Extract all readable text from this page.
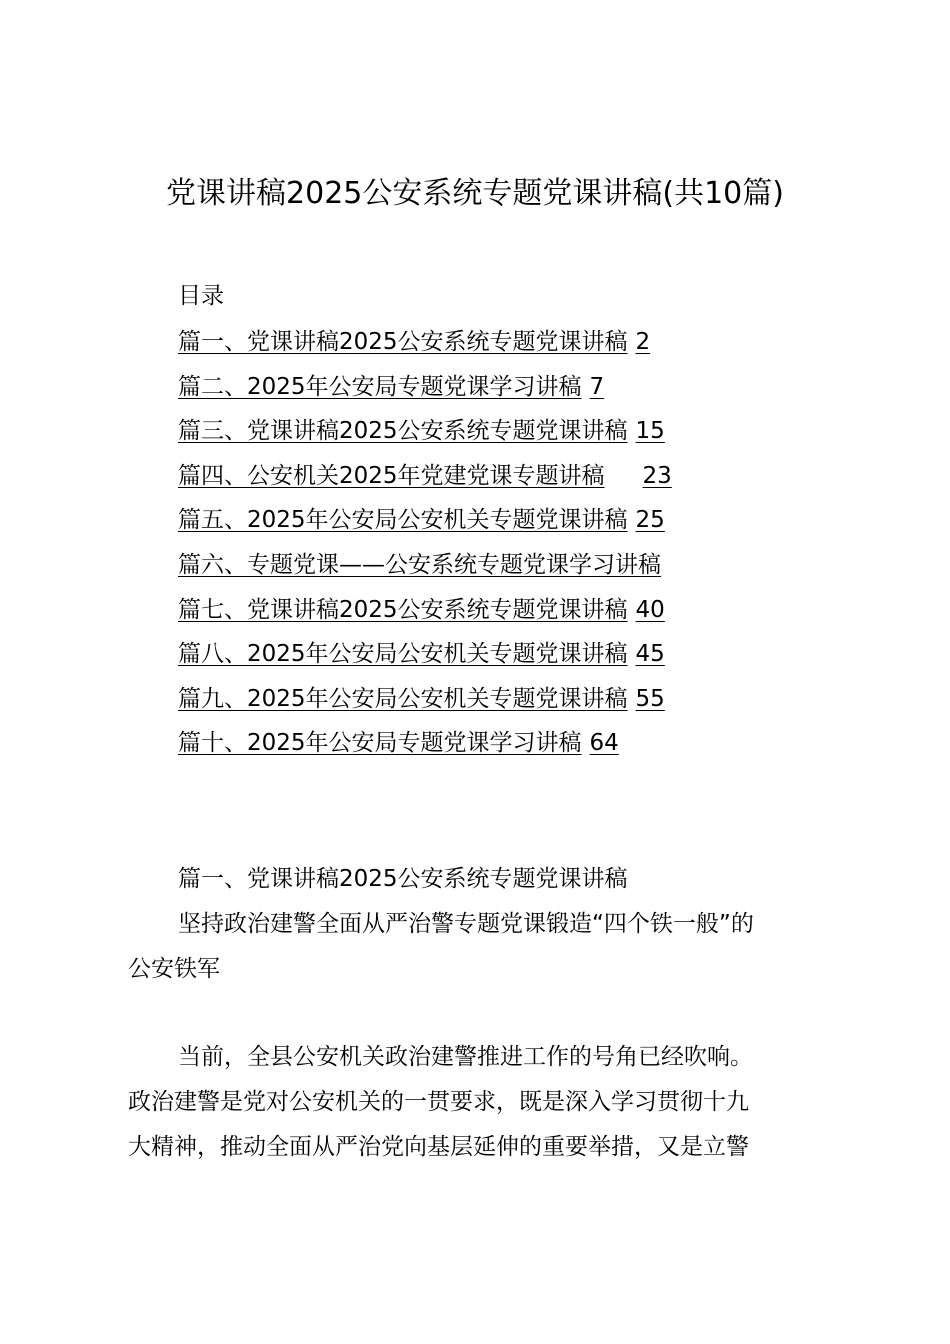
党课讲稿2025公安系统专题党课讲稿(共10篇)
目录
篇一、党课讲稿2025公安系统专题党课讲稿 2
篇二、2025年公安局专题党课学习讲稿 7
篇三、党课讲稿2025公安系统专题党课讲稿 15
篇四、公安机关2025年党建党课专题讲稿 23
篇五、2025年公安局公安机关专题党课讲稿 25
篇六、专题党课——公安系统专题党课学习讲稿
篇七、党课讲稿2025公安系统专题党课讲稿 40
篇八、2025年公安局公安机关专题党课讲稿 45
篇九、2025年公安局公安机关专题党课讲稿 55
篇十、2025年公安局专题党课学习讲稿 64
篇一、党课讲稿2025公安系统专题党课讲稿
坚持政治建警全面从严治警专题党课锻造“四个铁一般”的
公安铁军
当前，全县公安机关政治建警推进工作的号角已经吹响。
政治建警是党对公安机关的一贯要求，既是深入学习贯彻十九
大精神，推动全面从严治党向基层延伸的重要举措，又是立警
